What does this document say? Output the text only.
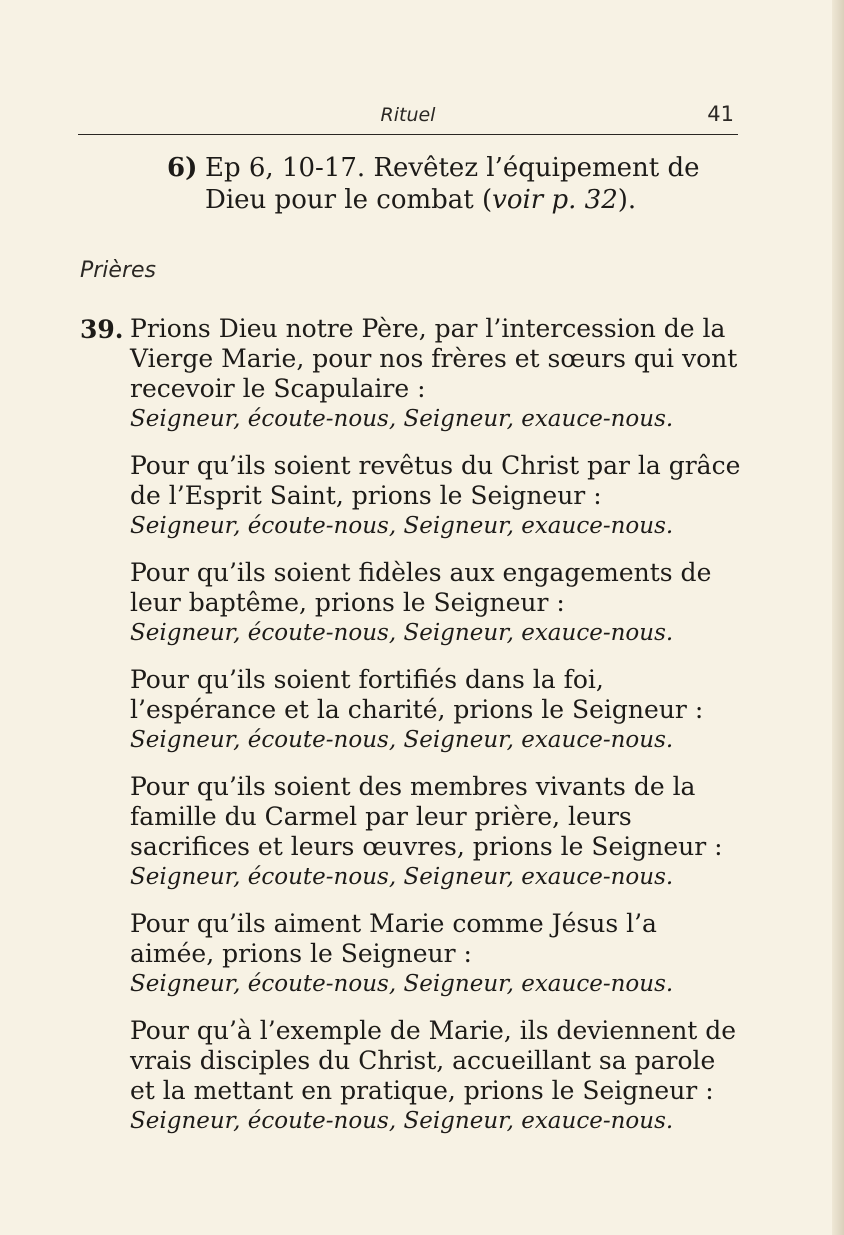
Rituel	41
6) Ep 6, 10-17. Revêtez l’équipement de Dieu pour le combat (voir p. 32).
Prières
39. Prions Dieu notre Père, par l’intercession de la Vierge Marie, pour nos frères et sœurs qui vont recevoir le Scapulaire :

Seigneur, écoute-nous, Seigneur, exauce-nous.

Pour qu’ils soient revêtus du Christ par la grâce de l’Esprit Saint, prions le Seigneur :

Seigneur, écoute-nous, Seigneur, exauce-nous.

Pour qu’ils soient fidèles aux engagements de leur baptême, prions le Seigneur :

Seigneur, écoute-nous, Seigneur, exauce-nous.

Pour qu’ils soient fortifiés dans la foi, l’espérance et la charité, prions le Seigneur :

Seigneur, écoute-nous, Seigneur, exauce-nous.

Pour qu’ils soient des membres vivants de la famille du Carmel par leur prière, leurs sacrifices et leurs œuvres, prions le Seigneur :

Seigneur, écoute-nous, Seigneur, exauce-nous.

Pour qu’ils aiment Marie comme Jésus l’a aimée, prions le Seigneur :

Seigneur, écoute-nous, Seigneur, exauce-nous.

Pour qu’à l’exemple de Marie, ils deviennent de vrais disciples du Christ, accueillant sa parole et la mettant en pratique, prions le Seigneur :

Seigneur, écoute-nous, Seigneur, exauce-nous.
